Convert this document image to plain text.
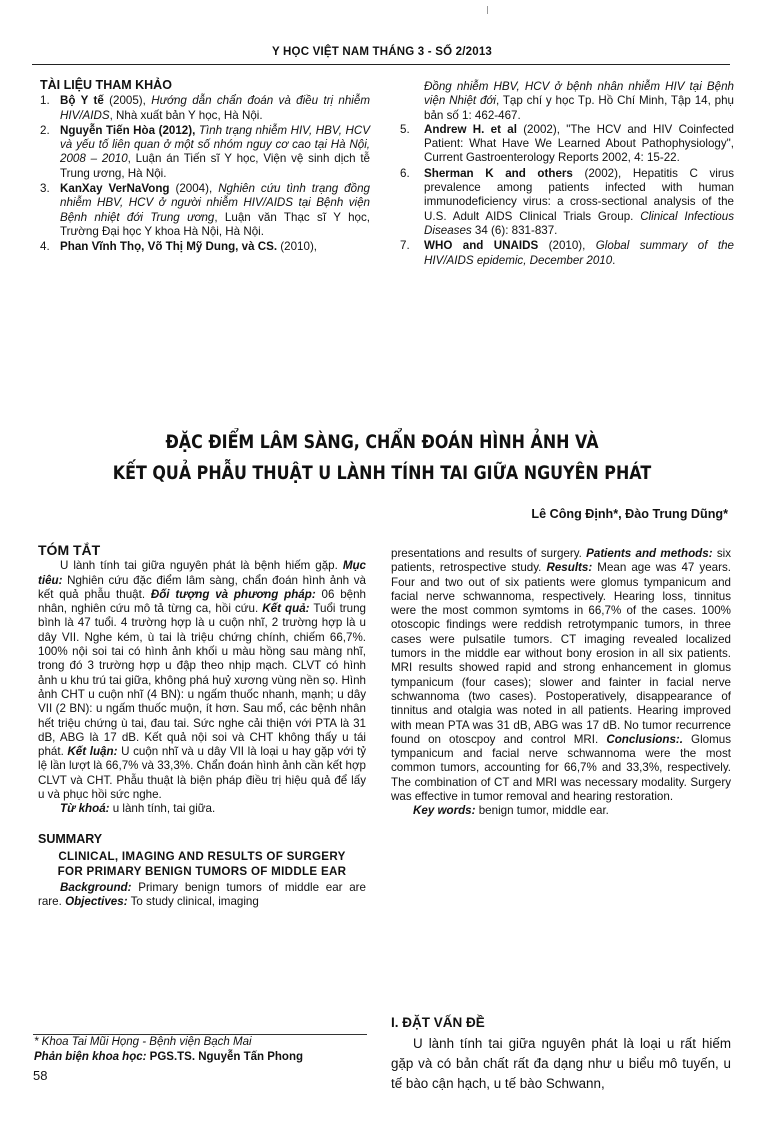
Y HỌC VIỆT NAM THÁNG 3 - SỐ 2/2013
TÀI LIỆU THAM KHẢO
1. Bộ Y tế (2005), Hướng dẫn chẩn đoán và điều trị nhiễm HIV/AIDS, Nhà xuất bản Y học, Hà Nội.
2. Nguyễn Tiến Hòa (2012), Tình trạng nhiễm HIV, HBV, HCV và yếu tố liên quan ở một số nhóm nguy cơ cao tại Hà Nội, 2008 – 2010, Luận án Tiến sĩ Y học, Viện vệ sinh dịch tễ Trung ương, Hà Nội.
3. KanXay VerNaVong (2004), Nghiên cứu tình trạng đồng nhiễm HBV, HCV ở người nhiễm HIV/AIDS tại Bệnh viện Bệnh nhiệt đới Trung ương, Luận văn Thạc sĩ Y học, Trường Đại học Y khoa Hà Nội, Hà Nội.
4. Phan Vĩnh Thọ, Võ Thị Mỹ Dung, và CS. (2010),
Đồng nhiễm HBV, HCV ở bệnh nhân nhiễm HIV tại Bệnh viện Nhiệt đới, Tạp chí y học Tp. Hồ Chí Minh, Tập 14, phụ bản số 1: 462-467.
5. Andrew H. et al (2002), "The HCV and HIV Coinfected Patient: What Have We Learned About Pathophysiology", Current Gastroenterology Reports 2002, 4: 15-22.
6. Sherman K and others (2002), Hepatitis C virus prevalence among patients infected with human immunodeficiency virus: a cross-sectional analysis of the U.S. Adult AIDS Clinical Trials Group. Clinical Infectious Diseases 34 (6): 831-837.
7. WHO and UNAIDS (2010), Global summary of the HIV/AIDS epidemic, December 2010.
ĐẶC ĐIỂM LÂM SÀNG, CHẨN ĐOÁN HÌNH ẢNH VÀ
KẾT QUẢ PHẪU THUẬT U LÀNH TÍNH TAI GIỮA NGUYÊN PHÁT
Lê Công Định*, Đào Trung Dũng*
TÓM TẮT
U lành tính tai giữa nguyên phát là bệnh hiếm gặp. Mục tiêu: Nghiên cứu đặc điểm lâm sàng, chẩn đoán hình ảnh và kết quả phẫu thuật. Đối tượng và phương pháp: 06 bệnh nhân, nghiên cứu mô tả từng ca, hồi cứu. Kết quả: Tuổi trung bình là 47 tuổi. 4 trường hợp là u cuộn nhĩ, 2 trường hợp là u dây VII. Nghe kém, ù tai là triệu chứng chính, chiếm 66,7%. 100% nội soi tai có hình ảnh khối u màu hồng sau màng nhĩ, trong đó 3 trường hợp u đập theo nhịp mạch. CLVT có hình ảnh u khu trú tai giữa, không phá huỷ xương vùng nền sọ. Hình ảnh CHT u cuộn nhĩ (4 BN): u ngấm thuốc nhanh, mạnh; u dây VII (2 BN): u ngấm thuốc muộn, ít hơn. Sau mổ, các bệnh nhân hết triệu chứng ù tai, đau tai. Sức nghe cải thiện với PTA là 31 dB, ABG là 17 dB. Kết quả nội soi và CHT không thấy u tái phát. Kết luận: U cuộn nhĩ và u dây VII là loại u hay gặp với tỷ lệ lần lượt là 66,7% và 33,3%. Chẩn đoán hình ảnh cần kết hợp CLVT và CHT. Phẫu thuật là biện pháp điều trị hiệu quả để lấy u và phục hồi sức nghe.
Từ khoá: u lành tính, tai giữa.
SUMMARY
CLINICAL, IMAGING AND RESULTS OF SURGERY FOR PRIMARY BENIGN TUMORS OF MIDDLE EAR
Background: Primary benign tumors of middle ear are rare. Objectives: To study clinical, imaging
* Khoa Tai Mũi Họng - Bệnh viện Bạch Mai
Phản biện khoa học: PGS.TS. Nguyễn Tấn Phong
58
presentations and results of surgery. Patients and methods: six patients, retrospective study. Results: Mean age was 47 years. Four and two out of six patients were glomus tympanicum and facial nerve schwannoma, respectively. Hearing loss, tinnitus were the most common symtoms in 66,7% of the cases. 100% otoscopic findings were reddish retrotympanic tumors, in three cases were pulsatile tumors. CT imaging revealed localized tumors in the middle ear without bony erosion in all six patients. MRI results showed rapid and strong enhancement in glomus tympanicum (four cases); slower and fainter in facial nerve schwannoma (two cases). Postoperatively, disappearance of tinnitus and otalgia was noted in all patients. Hearing improved with mean PTA was 31 dB, ABG was 17 dB. No tumor recurrence found on otoscpoy and control MRI. Conclusions:. Glomus tympanicum and facial nerve schwannoma were the most common tumors, accounting for 66,7% and 33,3%, respectively. The combination of CT and MRI was necessary modality. Surgery was effective in tumor removal and hearing restoration.
Key words: benign tumor, middle ear.
I. ĐẶT VẤN ĐỀ
U lành tính tai giữa nguyên phát là loại u rất hiếm gặp và có bản chất rất đa dạng như u biểu mô tuyến, u tế bào cận hạch, u tế bào Schwann,
